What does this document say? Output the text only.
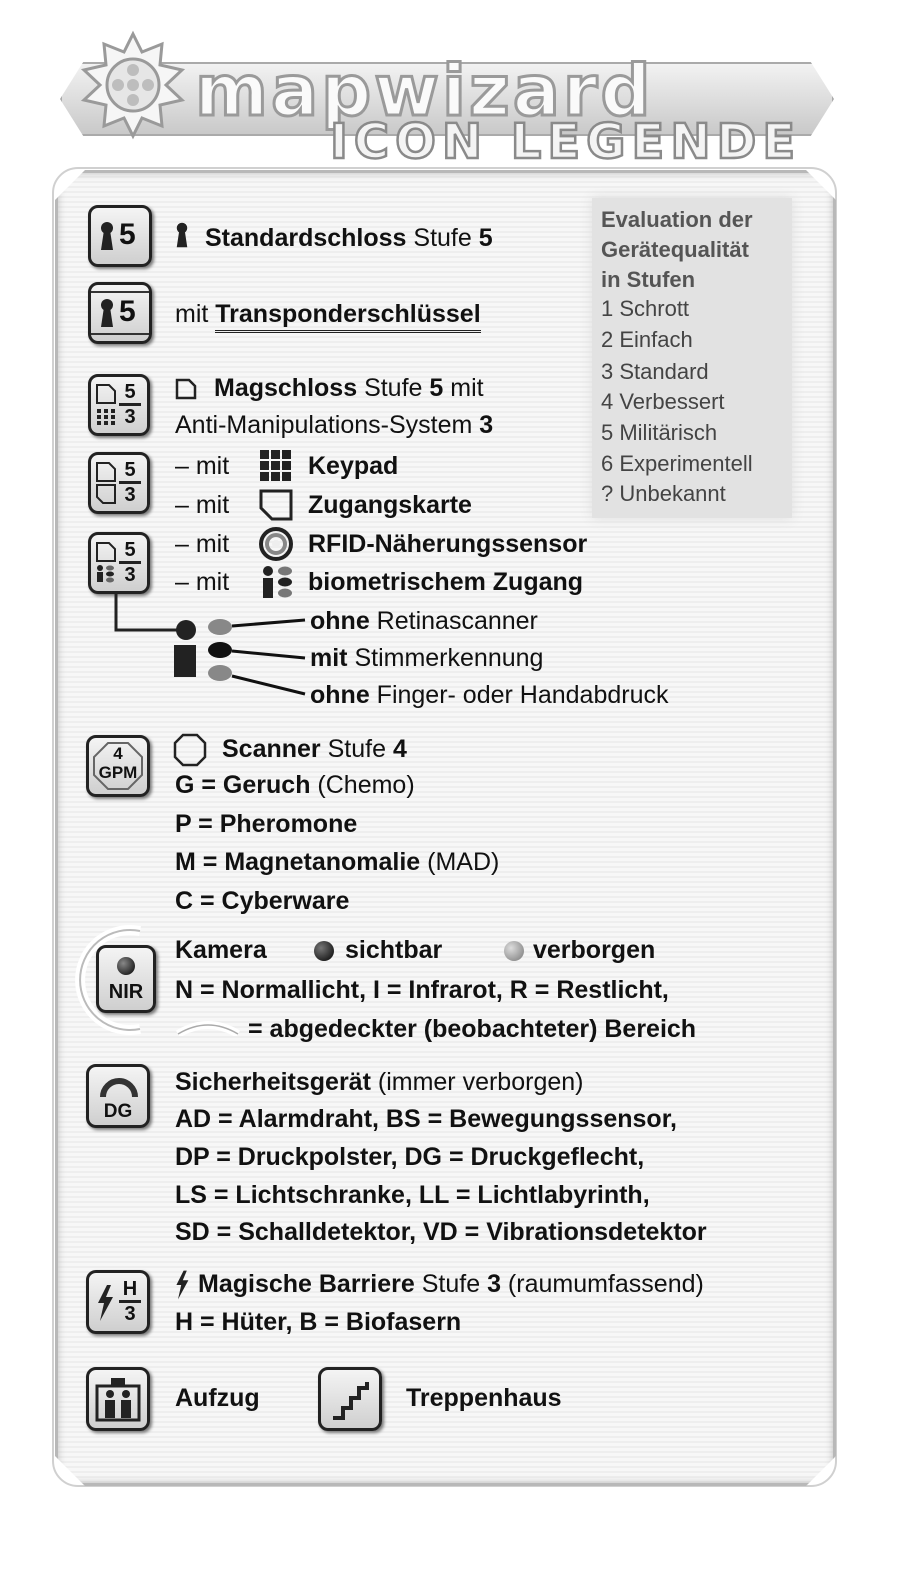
mapwizard
ICON LEGENDE
Evaluation der
Gerätequalität
in Stufen
1 Schrott
2 Einfach
3 Standard
4 Verbessert
5 Militärisch
6 Experimentell
? Unbekannt
5	Standardschloss Stufe 5
5 mit Transponderschlüssel
5
3
Magschloss Stufe 5 mit
Anti-Manipulations-System 3
5
3
5
3
– mit	Keypad
– mit	Zugangskarte
– mit	RFID-Näherungssensor
– mit	biometrischem Zugang
ohne Retinascanner
mit Stimmerkennung
ohne Finger- oder Handabdruck
4
GPM
Scanner Stufe 4
G = Geruch (Chemo)
P = Pheromone
M = Magnetanomalie (MAD)
C = Cyberware
NIR
Kamera	sichtbar	verborgen
N = Normallicht, I = Infrarot, R = Restlicht,
= abgedeckter (beobachteter) Bereich
DG
Sicherheitsgerät (immer verborgen)
AD = Alarmdraht, BS = Bewegungssensor,
DP = Druckpolster, DG = Druckgeflecht,
LS = Lichtschranke, LL = Lichtlabyrinth,
SD = Schalldetektor, VD = Vibrationsdetektor
H
3
Magische Barriere Stufe 3 (raumumfassend)
H = Hüter, B = Biofasern
Aufzug	Treppenhaus
